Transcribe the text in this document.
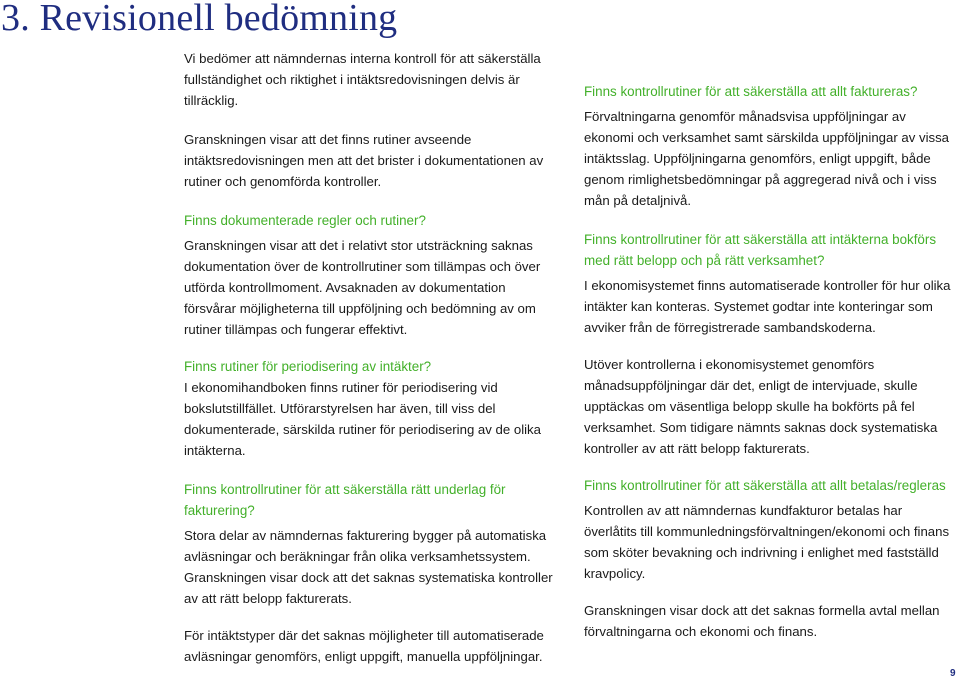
3. Revisionell bedömning

Vi bedömer att nämndernas interna kontroll för att säkerställa fullständighet och riktighet i intäktsredovisningen delvis är tillräcklig.

Granskningen visar att det finns rutiner avseende intäktsredovisningen men att det brister i dokumentationen av rutiner och genomförda kontroller.

Finns dokumenterade regler och rutiner?

Granskningen visar att det i relativt stor utsträckning saknas dokumentation över de kontrollrutiner som tillämpas och över utförda kontrollmoment. Avsaknaden av dokumentation försvårar möjligheterna till uppföljning och bedömning av om rutiner tillämpas och fungerar effektivt.

Finns rutiner för periodisering av intäkter?

I ekonomihandboken finns rutiner för periodisering vid bokslutstillfället. Utförarstyrelsen har även, till viss del dokumenterade, särskilda rutiner för periodisering av de olika intäkterna.

Finns kontrollrutiner för att säkerställa rätt underlag för fakturering?

Stora delar av nämndernas fakturering bygger på automatiska avläsningar och beräkningar från olika verksamhetssystem. Granskningen visar dock att det saknas systematiska kontroller av att rätt belopp fakturerats.

För intäktstyper där det saknas möjligheter till automatiserade avläsningar genomförs, enligt uppgift, manuella uppföljningar.

Finns kontrollrutiner för att säkerställa att allt faktureras?

Förvaltningarna genomför månadsvisa uppföljningar av ekonomi och verksamhet samt särskilda uppföljningar av vissa intäktsslag. Uppföljningarna genomförs, enligt uppgift, både genom rimlighetsbedömningar på aggregerad nivå och i viss mån på detaljnivå.

Finns kontrollrutiner för att säkerställa att intäkterna bokförs med rätt belopp och på rätt verksamhet?

I ekonomisystemet finns automatiserade kontroller för hur olika intäkter kan konteras. Systemet godtar inte konteringar som avviker från de förregistrerade sambandskoderna.

Utöver kontrollerna i ekonomisystemet genomförs månadsuppföljningar där det, enligt de intervjuade, skulle upptäckas om väsentliga belopp skulle ha bokförts på fel verksamhet. Som tidigare nämnts saknas dock systematiska kontroller av att rätt belopp fakturerats.

Finns kontrollrutiner för att säkerställa att allt betalas/regleras

Kontrollen av att nämndernas kundfakturor betalas har överlåtits till kommunledningsförvaltningen/ekonomi och finans som sköter bevakning och indrivning i enlighet med fastställd kravpolicy.

Granskningen visar dock att det saknas formella avtal mellan förvaltningarna och ekonomi och finans.

9
